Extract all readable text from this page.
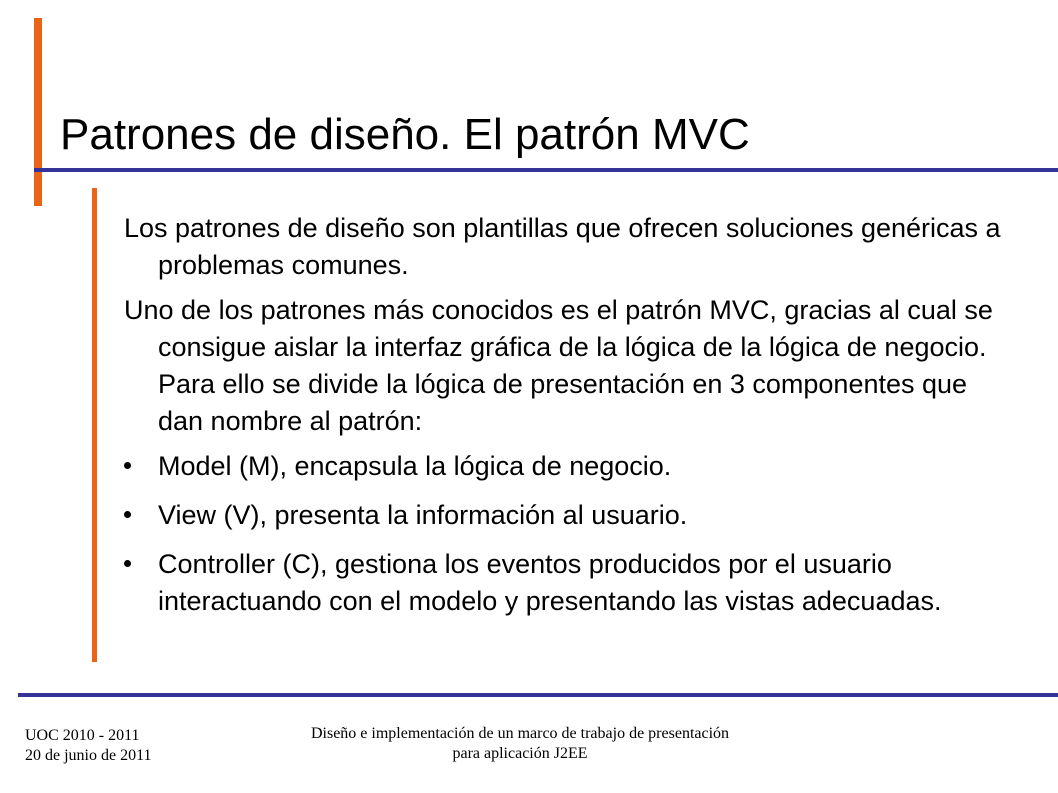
Patrones de diseño. El patrón MVC

Los patrones de diseño son plantillas que ofrecen soluciones genéricas a problemas comunes.

Uno de los patrones más conocidos es el patrón MVC, gracias al cual se consigue aislar la interfaz gráfica de la lógica de la lógica de negocio. Para ello se divide la lógica de presentación en 3 componentes que dan nombre al patrón:

Model (M), encapsula la lógica de negocio.
View (V), presenta la información al usuario.
Controller (C), gestiona los eventos producidos por el usuario interactuando con el modelo y presentando las vistas adecuadas.
UOC 2010 - 2011
20 de junio de 2011
Diseño e implementación de un marco de trabajo de presentación
para aplicación J2EE
